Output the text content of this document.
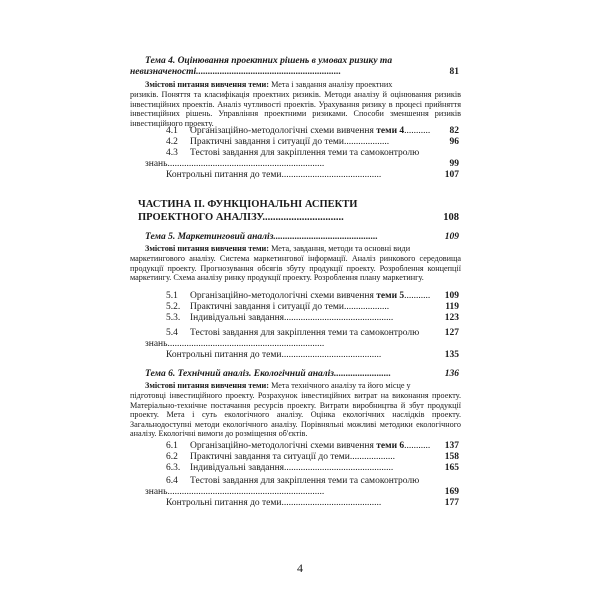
Тема 4. Оцінювання проектних рішень в умовах ризику та
невизначеності.............................................................	81
Змістові питання вивчення теми: Мета і завдання аналізу проектних
ризиків. Поняття та класифікація проектних ризиків. Методи аналізу й оцінювання ризиків інвестиційних проектів. Аналіз чутливості проектів. Урахування ризику в процесі прийняття інвестиційних рішень. Управління проектними ризиками. Способи зменшення ризиків інвестиційного проекту.
4.1	Організаційно-методологічні схеми вивчення теми 4...........	82
4.2	Практичні завдання і ситуації до теми...................	96
4.3	Тестові завдання для закріплення теми та самоконтролю
знань..................................................................	99
Контрольні питання до теми..........................................	107
ЧАСТИНА ІІ. ФУНКЦІОНАЛЬНІ АСПЕКТИ
ПРОЕКТНОГО АНАЛІЗУ...............................	108
Тема 5. Маркетинговий аналіз............................................	109
Змістові питання вивчення теми: Мета, завдання, методи та основні види
маркетингового аналізу. Система маркетингової інформації. Аналіз ринкового середовища продукції проекту. Прогнозування обсягів збуту продукції проекту. Розроблення концепції маркетингу. Схема аналізу ринку продукції проекту. Розроблення плану маркетингу.
5.1	Організаційно-методологічні схеми вивчення теми 5...........	109
5.2.	Практичні завдання і ситуації до теми...................	119
5.3.	Індивідуальні завдання..............................................	123
5.4	Тестові завдання для закріплення теми та самоконтролю	127
знань..................................................................
Контрольні питання до теми..........................................	135
Тема 6. Технічний аналіз. Екологічний аналіз........................	136
Змістові питання вивчення теми: Мета технічного аналізу та його місце у
підготовці інвестиційного проекту. Розрахунок інвестиційних витрат на виконання проекту. Матеріально-технічне постачання ресурсів проекту. Витрати виробництва й збут продукції проекту. Мета і суть екологічного аналізу. Оцінка екологічних наслідків проекту. Загальнодоступні методи екологічного аналізу. Порівняльні можливі методики екологічного аналізу. Екологічні вимоги до розміщення об'єктів.
6.1	Організаційно-методологічні схеми вивчення теми 6...........	137
6.2	Практичні завдання та ситуації до теми...................	158
6.3.	Індивідуальні завдання..............................................	165
6.4	Тестові завдання для закріплення теми та самоконтролю
знань..................................................................	169
Контрольні питання до теми..........................................	177
4
